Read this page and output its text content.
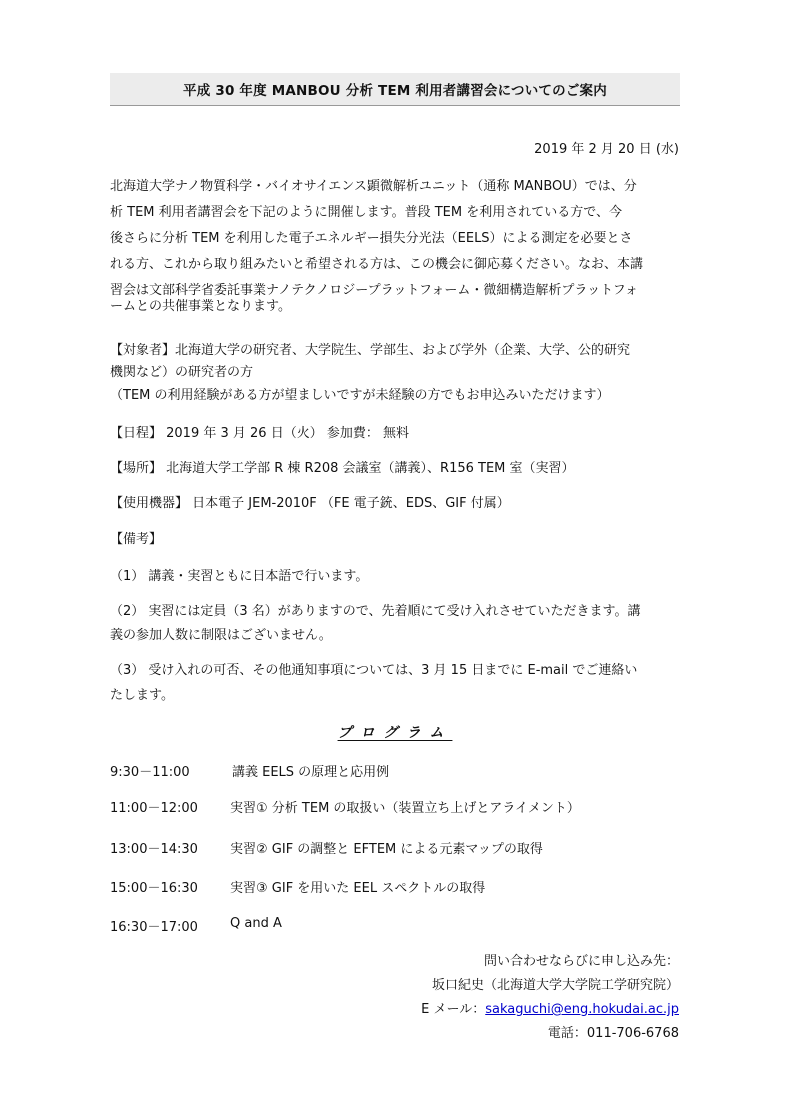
平成 30 年度 MANBOU 分析 TEM 利用者講習会についてのご案内
2019 年 2 月 20 日 (水)
北海道大学ナノ物質科学・バイオサイエンス顕微解析ユニット（通称 MANBOU）では、分
析 TEM 利用者講習会を下記のように開催します。普段 TEM を利用されている方で、今
後さらに分析 TEM を利用した電子エネルギー損失分光法（EELS）による測定を必要とさ
れる方、これから取り組みたいと希望される方は、この機会に御応募ください。なお、本講
習会は文部科学省委託事業ナノテクノロジープラットフォーム・微細構造解析プラットフォ
ームとの共催事業となります。
【対象者】北海道大学の研究者、大学院生、学部生、および学外（企業、大学、公的研究
機関など）の研究者の方
（TEM の利用経験がある方が望ましいですが未経験の方でもお申込みいただけます）
【日程】 2019 年 3 月 26 日（火） 参加費： 無料
【場所】 北海道大学工学部 R 棟 R208 会議室（講義）、R156 TEM 室（実習）
【使用機器】 日本電子 JEM-2010F （FE 電子銃、EDS、GIF 付属）
【備考】
（1） 講義・実習ともに日本語で行います。
（2） 実習には定員（3 名）がありますので、先着順にて受け入れさせていただきます。講
義の参加人数に制限はございません。
（3） 受け入れの可否、その他通知事項については、3 月 15 日までに E-mail でご連絡い
たします。
プログラム
9:30－11:00	講義 EELS の原理と応用例
11:00－12:00 実習① 分析 TEM の取扱い（装置立ち上げとアライメント）
13:00－14:30 実習② GIF の調整と EFTEM による元素マップの取得
15:00－16:30 実習③ GIF を用いた EEL スペクトルの取得
16:30－17:00 Q and A
問い合わせならびに申し込み先：
坂口紀史（北海道大学大学院工学研究院）
E メール：sakaguchi@eng.hokudai.ac.jp
電話：011-706-6768
